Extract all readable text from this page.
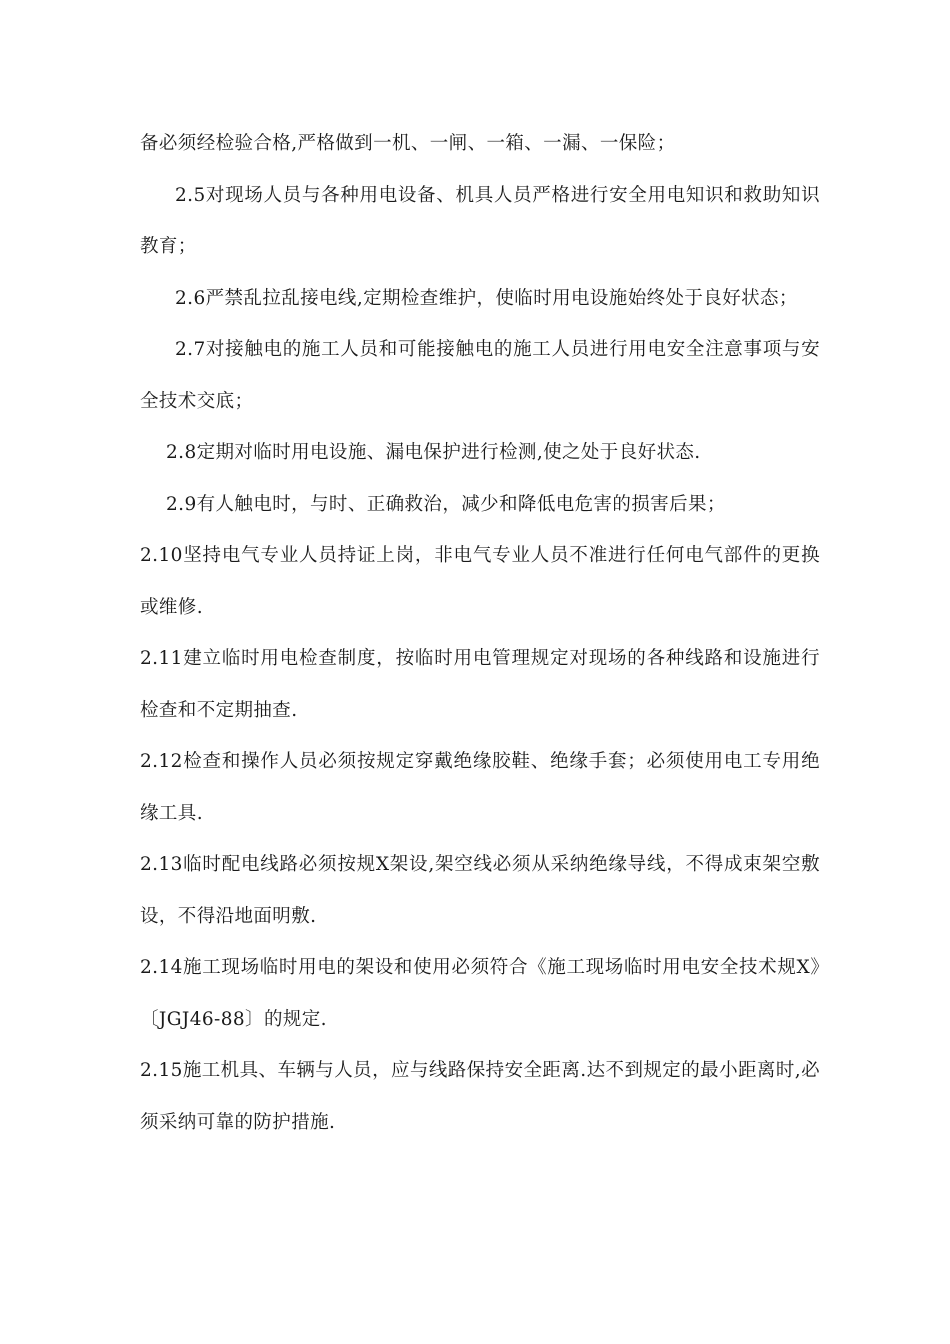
备必须经检验合格,严格做到一机、一闸、一箱、一漏、一保险；

2.5对现场人员与各种用电设备、机具人员严格进行安全用电知识和救助知识教育；

2.6严禁乱拉乱接电线,定期检查维护，使临时用电设施始终处于良好状态；

2.7对接触电的施工人员和可能接触电的施工人员进行用电安全注意事项与安全技术交底；

2.8定期对临时用电设施、漏电保护进行检测,使之处于良好状态.

2.9有人触电时，与时、正确救治，减少和降低电危害的损害后果；

2.10坚持电气专业人员持证上岗，非电气专业人员不准进行任何电气部件的更换或维修.

2.11建立临时用电检查制度，按临时用电管理规定对现场的各种线路和设施进行检查和不定期抽查.

2.12检查和操作人员必须按规定穿戴绝缘胶鞋、绝缘手套；必须使用电工专用绝缘工具.

2.13临时配电线路必须按规X架设,架空线必须从采纳绝缘导线，不得成束架空敷设，不得沿地面明敷.

2.14施工现场临时用电的架设和使用必须符合《施工现场临时用电安全技术规X》〔JGJ46-88〕的规定.

2.15施工机具、车辆与人员，应与线路保持安全距离.达不到规定的最小距离时,必须采纳可靠的防护措施.
